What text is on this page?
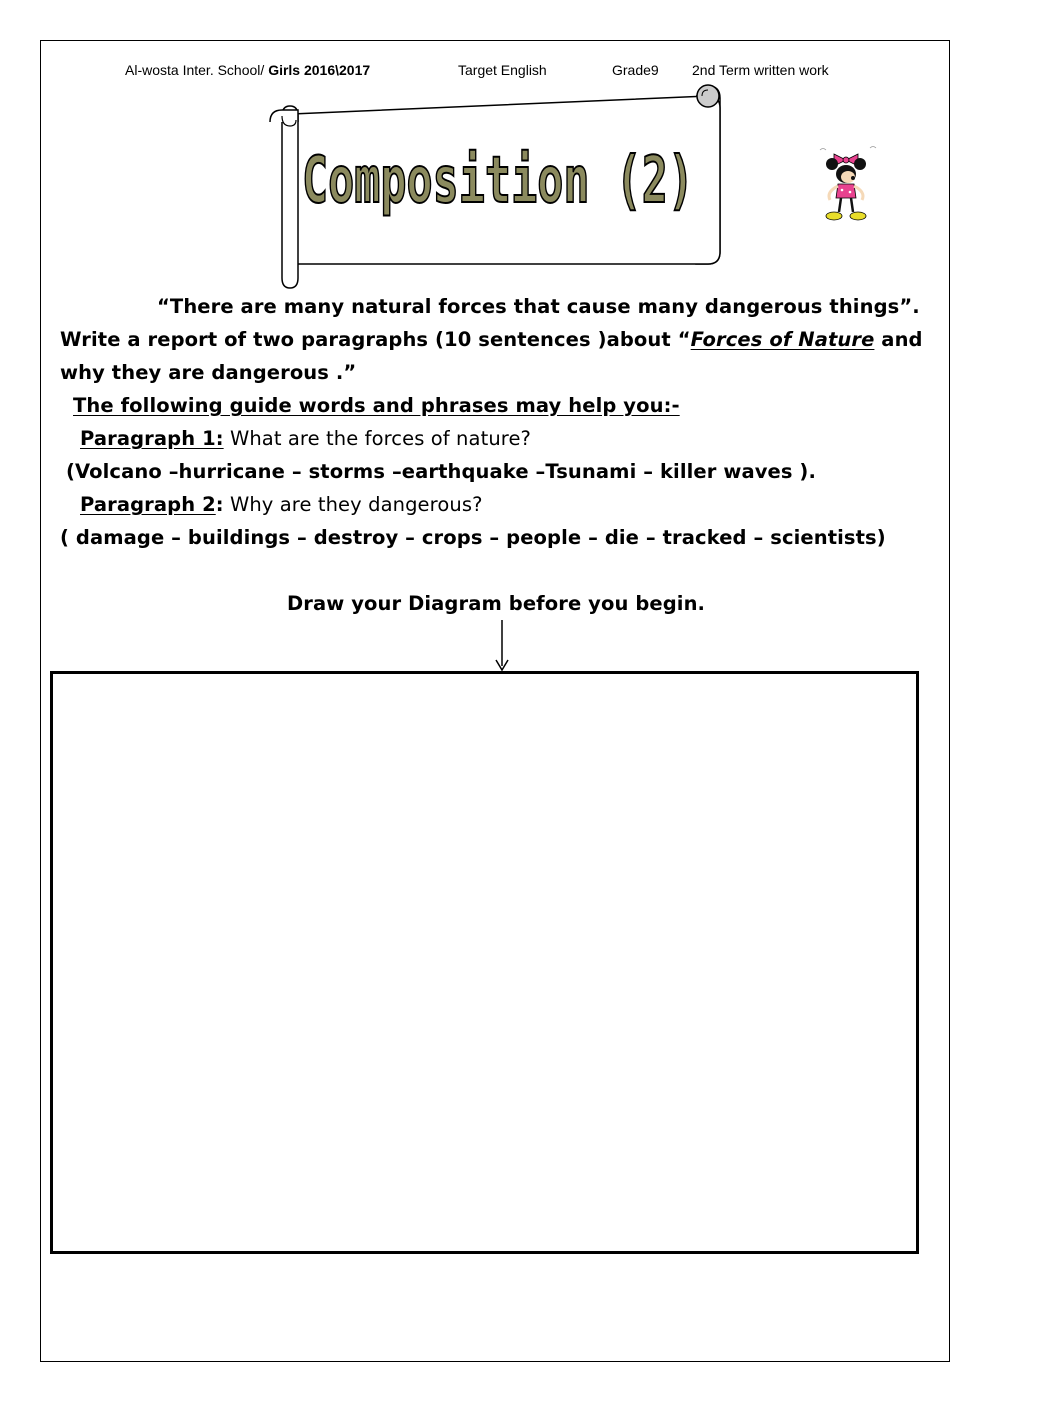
Al-wosta Inter. School/ Girls 2016\2017	Target English	Grade9 2nd Term written work
Composition (2)
“There are many natural forces that cause many dangerous things”.
Write a report of two paragraphs (10 sentences )about “Forces of Nature and
why they are dangerous .”
The following guide words and phrases may help you:-
Paragraph 1: What are the forces of nature?
(Volcano –hurricane – storms –earthquake –Tsunami – killer waves ).
Paragraph 2: Why are they dangerous?
( damage – buildings – destroy – crops – people – die – tracked – scientists)
Draw your Diagram before you begin.
